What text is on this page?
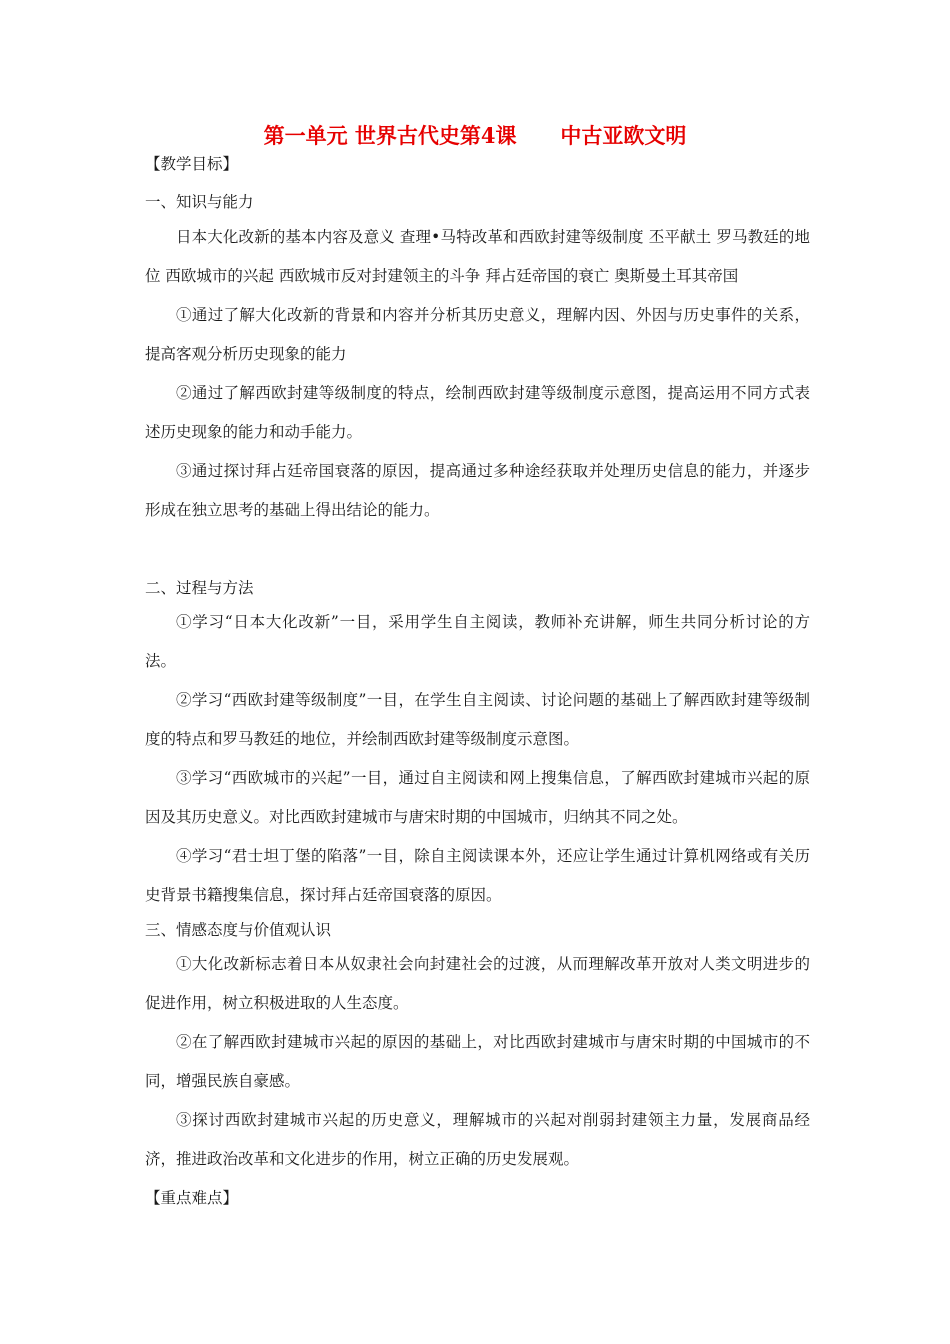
第一单元 世界古代史第4课      中古亚欧文明
【教学目标】
一、知识与能力

日本大化改新的基本内容及意义 查理•马特改革和西欧封建等级制度 丕平献土 罗马教廷的地位 西欧城市的兴起 西欧城市反对封建领主的斗争 拜占廷帝国的衰亡 奥斯曼土耳其帝国

①通过了解大化改新的背景和内容并分析其历史意义，理解内因、外因与历史事件的关系，提高客观分析历史现象的能力

②通过了解西欧封建等级制度的特点，绘制西欧封建等级制度示意图，提高运用不同方式表述历史现象的能力和动手能力。

③通过探讨拜占廷帝国衰落的原因，提高通过多种途经获取并处理历史信息的能力，并逐步形成在独立思考的基础上得出结论的能力。

二、过程与方法

①学习“日本大化改新”一目，采用学生自主阅读，教师补充讲解，师生共同分析讨论的方法。

②学习“西欧封建等级制度”一目，在学生自主阅读、讨论问题的基础上了解西欧封建等级制度的特点和罗马教廷的地位，并绘制西欧封建等级制度示意图。

③学习“西欧城市的兴起”一目，通过自主阅读和网上搜集信息，了解西欧封建城市兴起的原因及其历史意义。对比西欧封建城市与唐宋时期的中国城市，归纳其不同之处。

④学习“君士坦丁堡的陷落”一目，除自主阅读课本外，还应让学生通过计算机网络或有关历史背景书籍搜集信息，探讨拜占廷帝国衰落的原因。

三、情感态度与价值观认识

①大化改新标志着日本从奴隶社会向封建社会的过渡，从而理解改革开放对人类文明进步的促进作用，树立积极进取的人生态度。

②在了解西欧封建城市兴起的原因的基础上，对比西欧封建城市与唐宋时期的中国城市的不同，增强民族自豪感。

③探讨西欧封建城市兴起的历史意义，理解城市的兴起对削弱封建领主力量，发展商品经济，推进政治改革和文化进步的作用，树立正确的历史发展观。

【重点难点】
